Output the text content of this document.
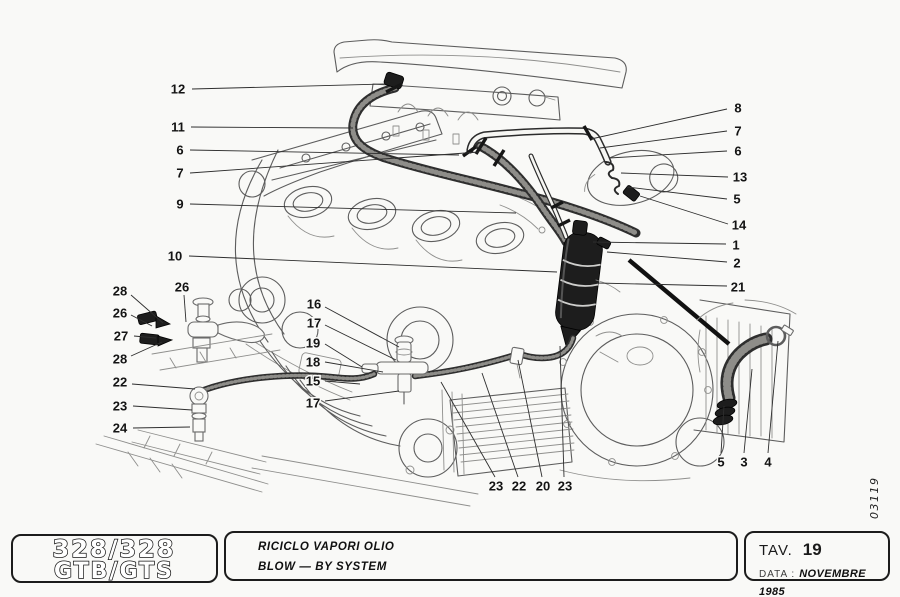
12
11
6
7
9
10
28
26
27
28
26
22
23
24
16
17
19
18
15
17
8
7
6
13
5
14
1
2
21
23 22 20 23
5 3 4
328/328
GTB/GTS
RICICLO VAPORI OLIO
BLOW — BY SYSTEM
TAV. 19
DATA : NOVEMBRE 1985
03119
